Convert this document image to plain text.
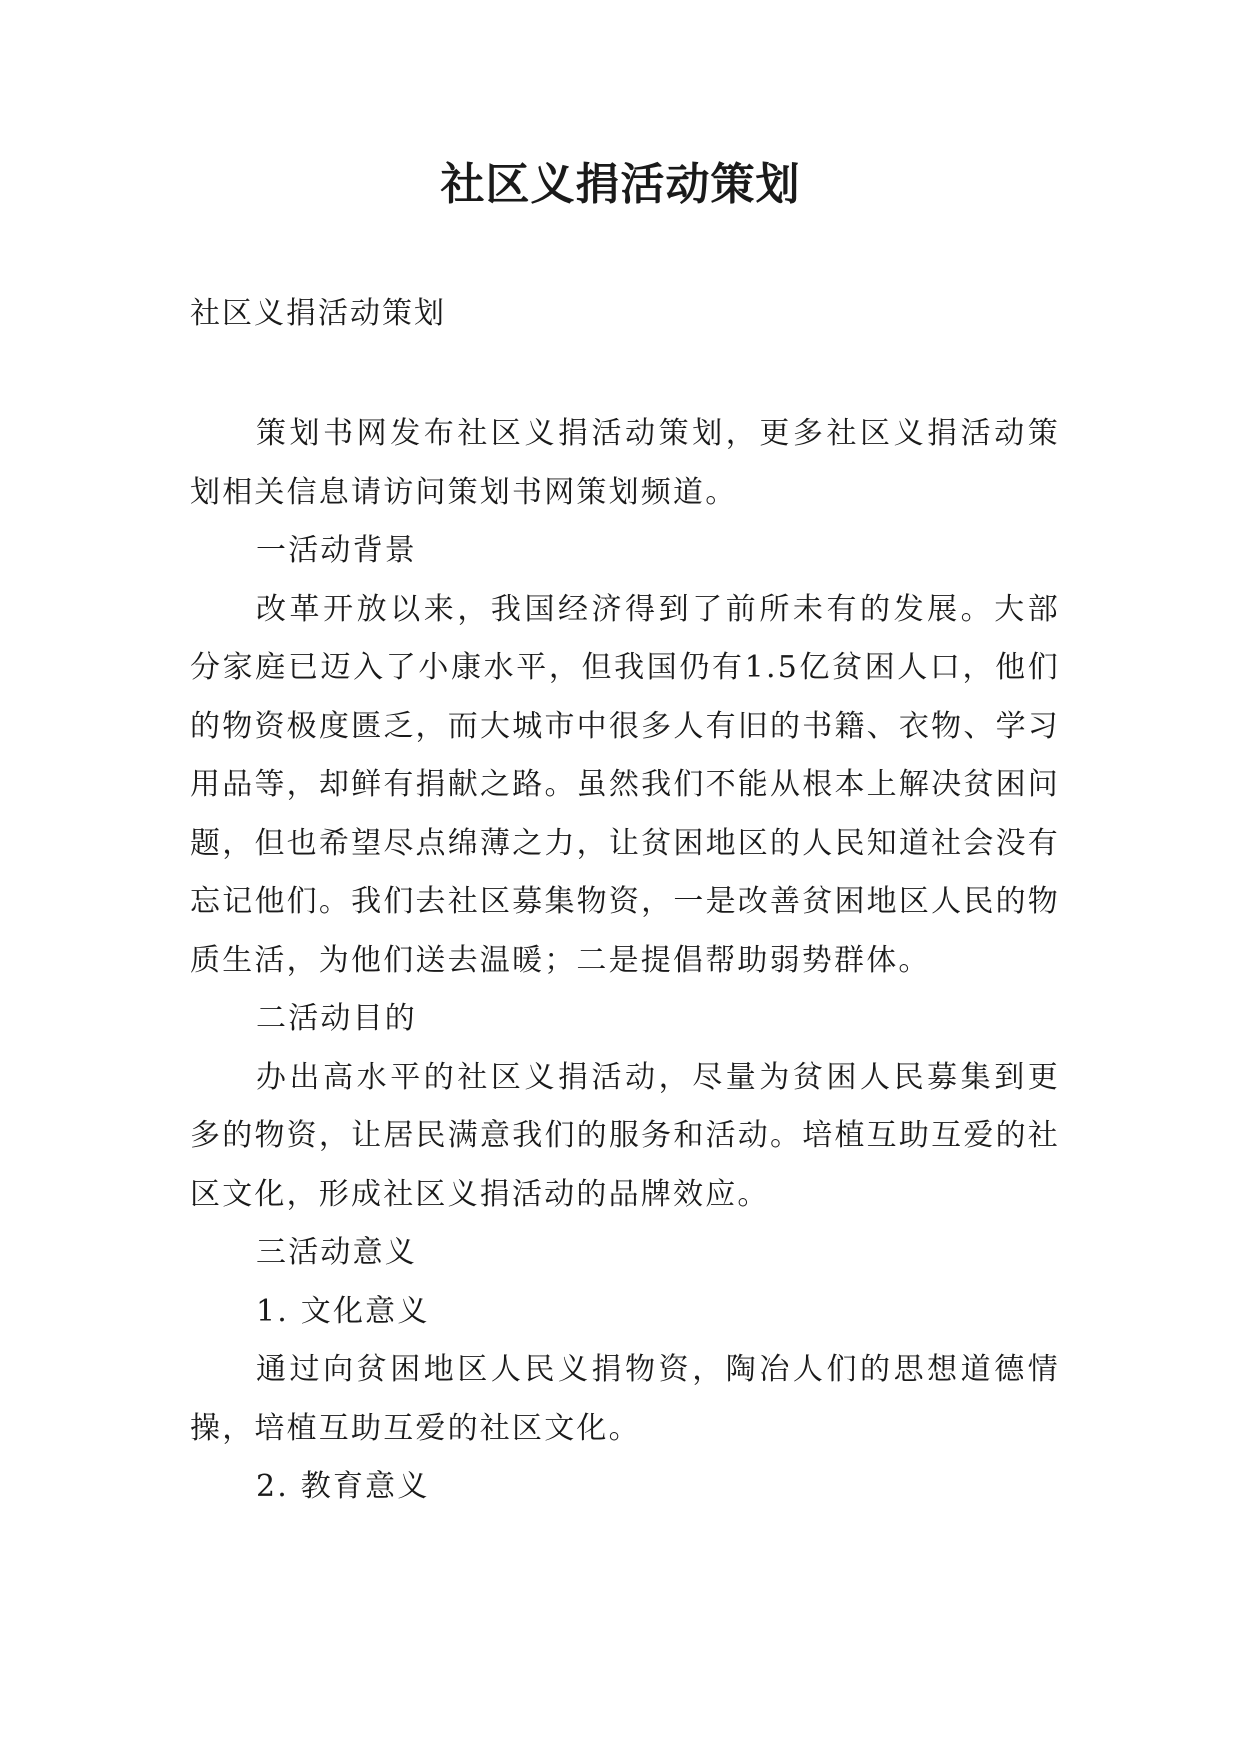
社区义捐活动策划
社区义捐活动策划

策划书网发布社区义捐活动策划，更多社区义捐活动策划相关信息请访问策划书网策划频道。

一活动背景

改革开放以来，我国经济得到了前所未有的发展。大部分家庭已迈入了小康水平，但我国仍有1.5亿贫困人口，他们的物资极度匮乏，而大城市中很多人有旧的书籍、衣物、学习用品等，却鲜有捐献之路。虽然我们不能从根本上解决贫困问题，但也希望尽点绵薄之力，让贫困地区的人民知道社会没有忘记他们。我们去社区募集物资，一是改善贫困地区人民的物质生活，为他们送去温暖；二是提倡帮助弱势群体。

二活动目的

办出高水平的社区义捐活动，尽量为贫困人民募集到更多的物资，让居民满意我们的服务和活动。培植互助互爱的社区文化，形成社区义捐活动的品牌效应。

三活动意义

1. 文化意义

通过向贫困地区人民义捐物资，陶冶人们的思想道德情操，培植互助互爱的社区文化。

2. 教育意义
